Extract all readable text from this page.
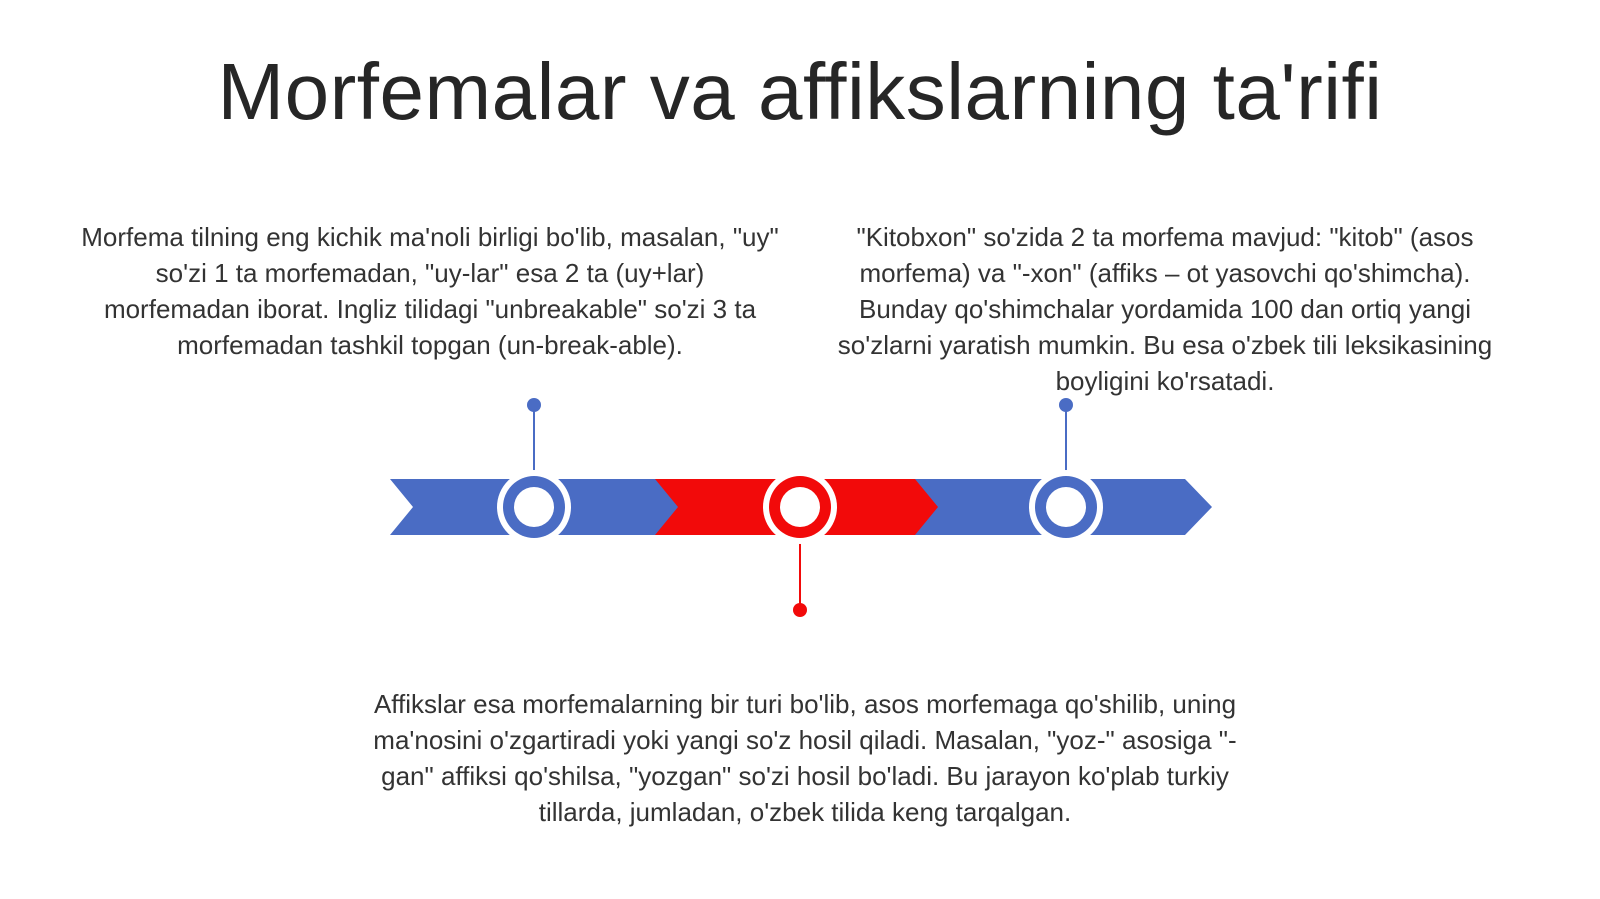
Morfemalar va affikslarning ta'rifi

Morfema tilning eng kichik ma'noli birligi bo'lib, masalan, "uy" so'zi 1 ta morfemadan, "uy-lar" esa 2 ta (uy+lar) morfemadan iborat. Ingliz tilidagi "unbreakable" so'zi 3 ta morfemadan tashkil topgan (un-break-able).

"Kitobxon" so'zida 2 ta morfema mavjud: "kitob" (asos morfema) va "-xon" (affiks – ot yasovchi qo'shimcha). Bunday qo'shimchalar yordamida 100 dan ortiq yangi so'zlarni yaratish mumkin. Bu esa o'zbek tili leksikasining boyligini ko'rsatadi.

Affikslar esa morfemalarning bir turi bo'lib, asos morfemaga qo'shilib, uning ma'nosini o'zgartiradi yoki yangi so'z hosil qiladi. Masalan, "yoz-" asosiga "-gan" affiksi qo'shilsa, "yozgan" so'zi hosil bo'ladi. Bu jarayon ko'plab turkiy tillarda, jumladan, o'zbek tilida keng tarqalgan.
